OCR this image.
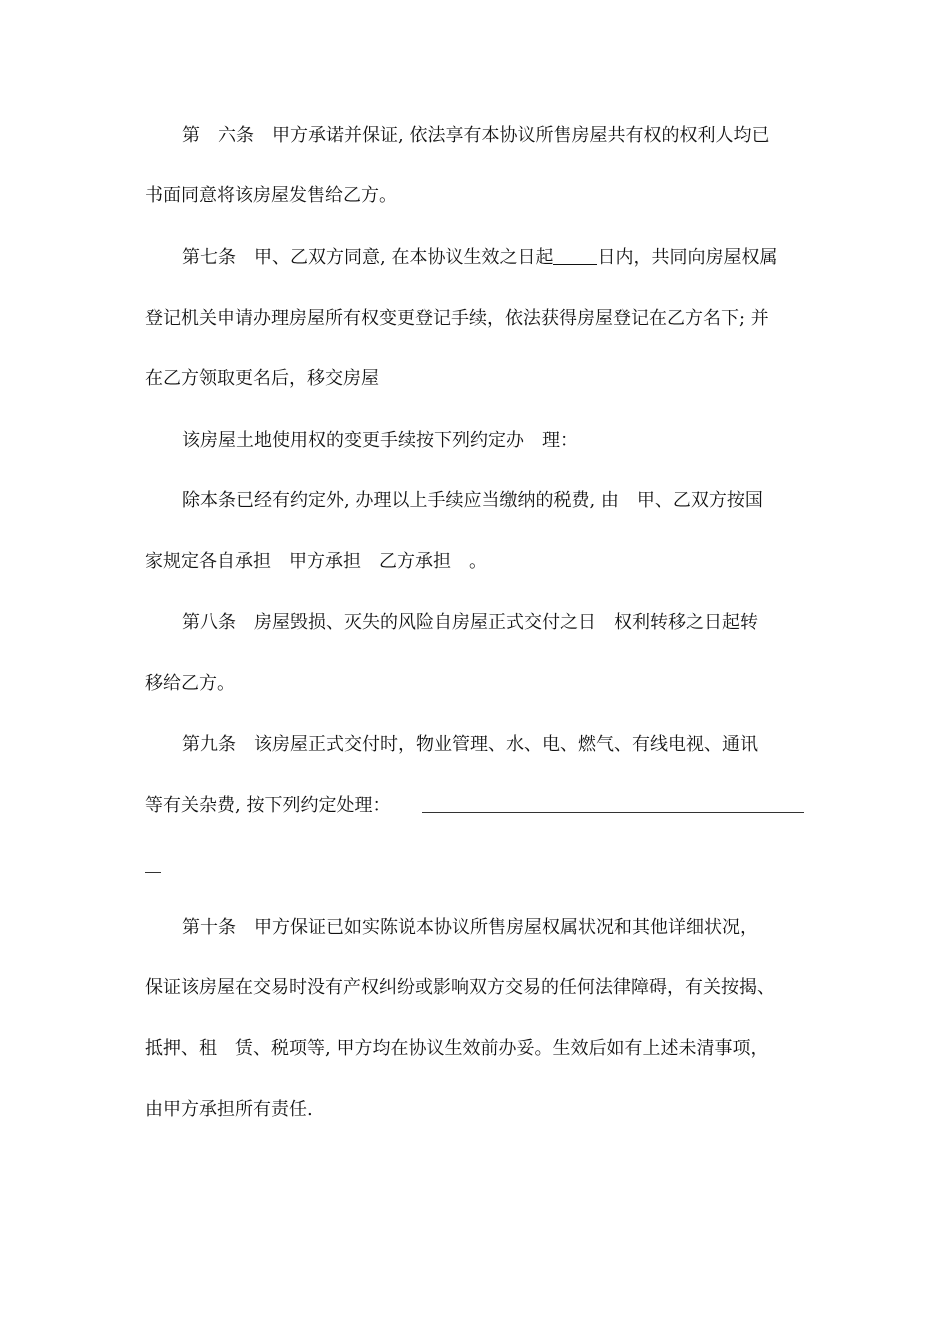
第　六条　甲方承诺并保证, 依法享有本协议所售房屋共有权的权利人均已
书面同意将该房屋发售给乙方。
第七条　甲、乙双方同意, 在本协议生效之日起 日内，共同向房屋权属
登记机关申请办理房屋所有权变更登记手续，依法获得房屋登记在乙方名下; 并
在乙方领取更名后，移交房屋
该房屋土地使用权的变更手续按下列约定办　理：
除本条已经有约定外, 办理以上手续应当缴纳的税费, 由　甲、乙双方按国
家规定各自承担　甲方承担　乙方承担　。
第八条　房屋毁损、灭失的风险自房屋正式交付之日　权利转移之日起转
移给乙方。
第九条　该房屋正式交付时，物业管理、水、电、燃气、有线电视、通讯
等有关杂费, 按下列约定处理：
第十条　甲方保证已如实陈说本协议所售房屋权属状况和其他详细状况，
保证该房屋在交易时没有产权纠纷或影响双方交易的任何法律障碍，有关按揭、
抵押、租　赁、税项等, 甲方均在协议生效前办妥。生效后如有上述未清事项，
由甲方承担所有责任.
